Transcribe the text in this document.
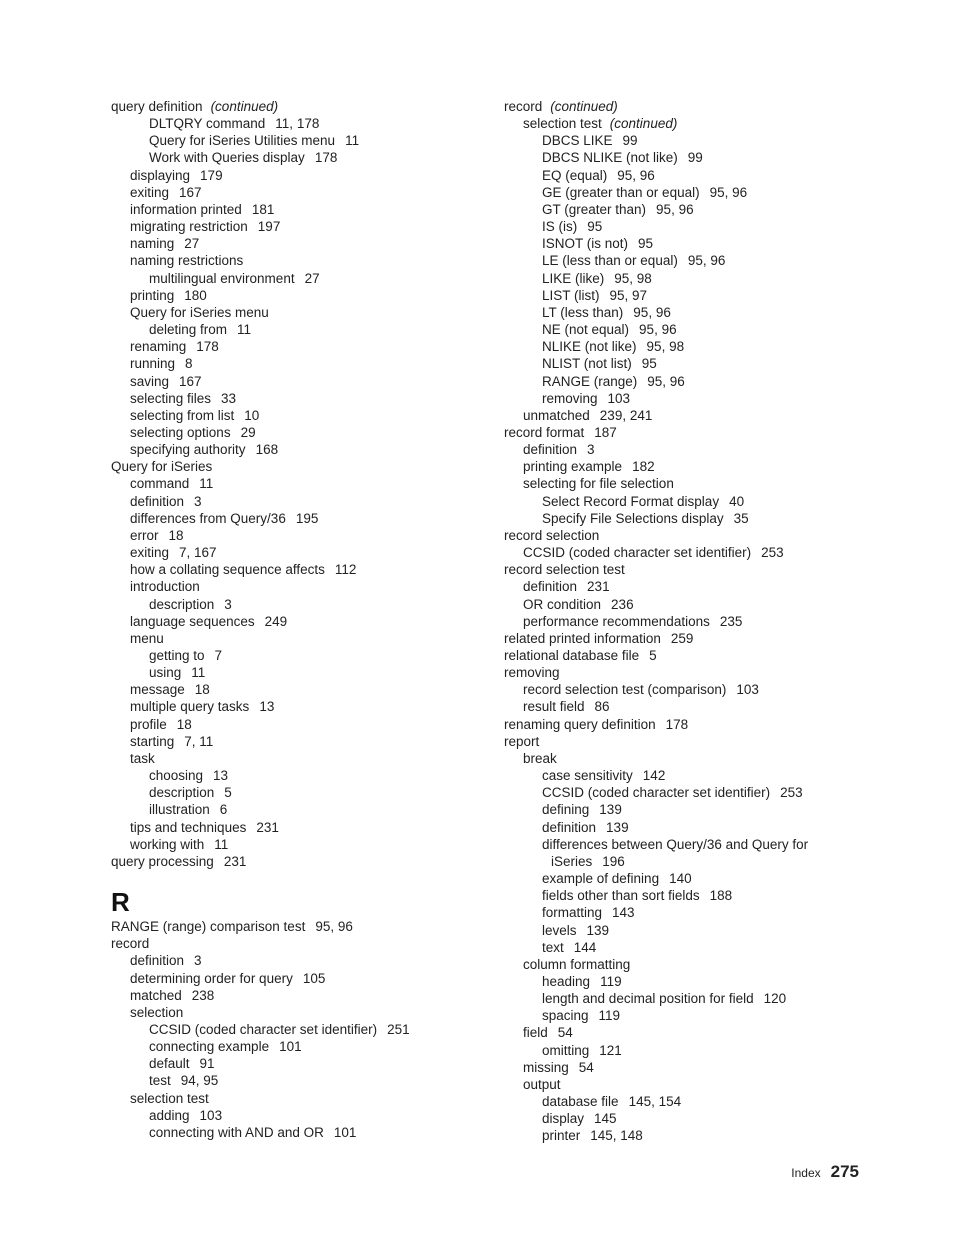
query definition (continued)
DLTQRY command 11, 178
Query for iSeries Utilities menu 11
Work with Queries display 178
displaying 179
exiting 167
information printed 181
migrating restriction 197
naming 27
naming restrictions
multilingual environment 27
printing 180
Query for iSeries menu
deleting from 11
renaming 178
running 8
saving 167
selecting files 33
selecting from list 10
selecting options 29
specifying authority 168
Query for iSeries
command 11
definition 3
differences from Query/36 195
error 18
exiting 7, 167
how a collating sequence affects 112
introduction
description 3
language sequences 249
menu
getting to 7
using 11
message 18
multiple query tasks 13
profile 18
starting 7, 11
task
choosing 13
description 5
illustration 6
tips and techniques 231
working with 11
query processing 231
R
RANGE (range) comparison test 95, 96
record
definition 3
determining order for query 105
matched 238
selection
CCSID (coded character set identifier) 251
connecting example 101
default 91
test 94, 95
selection test
adding 103
connecting with AND and OR 101
record (continued)
selection test (continued)
DBCS LIKE 99
DBCS NLIKE (not like) 99
EQ (equal) 95, 96
GE (greater than or equal) 95, 96
GT (greater than) 95, 96
IS (is) 95
ISNOT (is not) 95
LE (less than or equal) 95, 96
LIKE (like) 95, 98
LIST (list) 95, 97
LT (less than) 95, 96
NE (not equal) 95, 96
NLIKE (not like) 95, 98
NLIST (not list) 95
RANGE (range) 95, 96
removing 103
unmatched 239, 241
record format 187
definition 3
printing example 182
selecting for file selection
Select Record Format display 40
Specify File Selections display 35
record selection
CCSID (coded character set identifier) 253
record selection test
definition 231
OR condition 236
performance recommendations 235
related printed information 259
relational database file 5
removing
record selection test (comparison) 103
result field 86
renaming query definition 178
report
break
case sensitivity 142
CCSID (coded character set identifier) 253
defining 139
definition 139
differences between Query/36 and Query for
iSeries 196
example of defining 140
fields other than sort fields 188
formatting 143
levels 139
text 144
column formatting
heading 119
length and decimal position for field 120
spacing 119
field 54
omitting 121
missing 54
output
database file 145, 154
display 145
printer 145, 148
Index 275
